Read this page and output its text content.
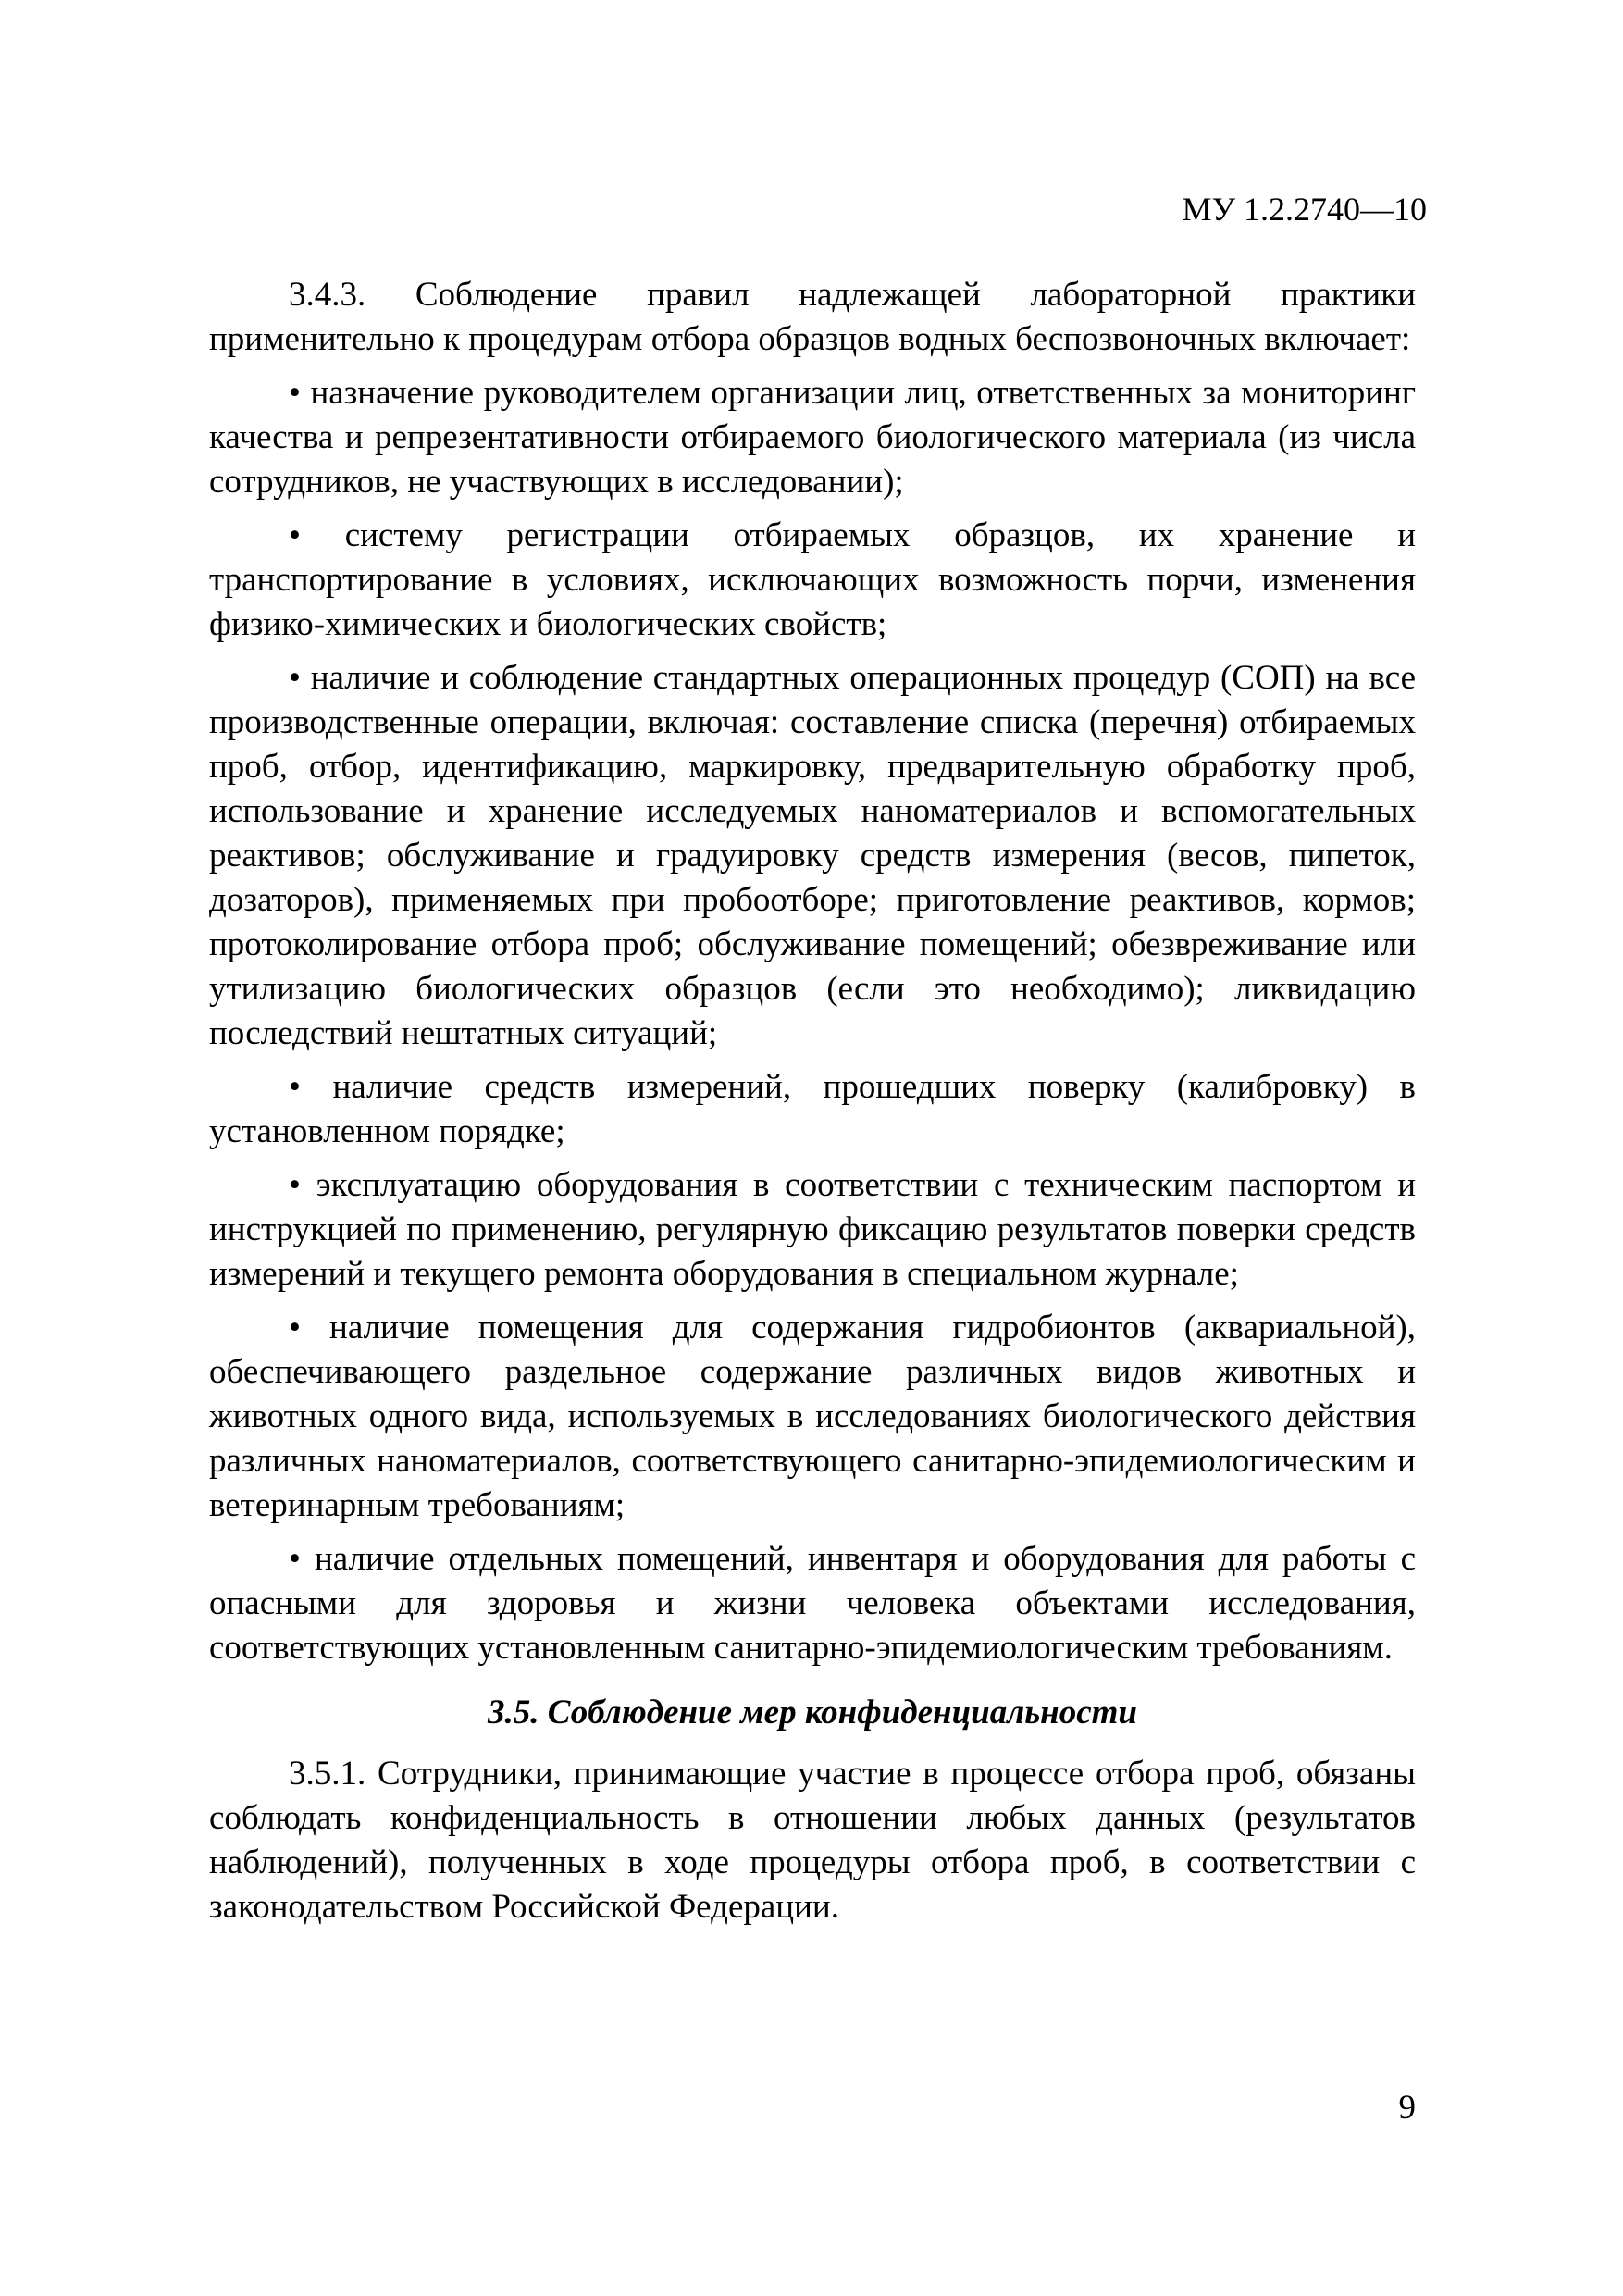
МУ 1.2.2740—10

3.4.3. Соблюдение правил надлежащей лабораторной практики применительно к процедурам отбора образцов водных беспозвоночных включает:

• назначение руководителем организации лиц, ответственных за мониторинг качества и репрезентативности отбираемого биологического материала (из числа сотрудников, не участвующих в исследовании);

• систему регистрации отбираемых образцов, их хранение и транспортирование в условиях, исключающих возможность порчи, изменения физико-химических и биологических свойств;

• наличие и соблюдение стандартных операционных процедур (СОП) на все производственные операции, включая: составление списка (перечня) отбираемых проб, отбор, идентификацию, маркировку, предварительную обработку проб, использование и хранение исследуемых наноматериалов и вспомогательных реактивов; обслуживание и градуировку средств измерения (весов, пипеток, дозаторов), применяемых при пробоотборе; приготовление реактивов, кормов; протоколирование отбора проб; обслуживание помещений; обезвреживание или утилизацию биологических образцов (если это необходимо); ликвидацию последствий нештатных ситуаций;

• наличие средств измерений, прошедших поверку (калибровку) в установленном порядке;

• эксплуатацию оборудования в соответствии с техническим паспортом и инструкцией по применению, регулярную фиксацию результатов поверки средств измерений и текущего ремонта оборудования в специальном журнале;

• наличие помещения для содержания гидробионтов (аквариальной), обеспечивающего раздельное содержание различных видов животных и животных одного вида, используемых в исследованиях биологического действия различных наноматериалов, соответствующего санитарно-эпидемиологическим и ветеринарным требованиям;

• наличие отдельных помещений, инвентаря и оборудования для работы с опасными для здоровья и жизни человека объектами исследования, соответствующих установленным санитарно-эпидемиологическим требованиям.

3.5. Соблюдение мер конфиденциальности

3.5.1. Сотрудники, принимающие участие в процессе отбора проб, обязаны соблюдать конфиденциальность в отношении любых данных (результатов наблюдений), полученных в ходе процедуры отбора проб, в соответствии с законодательством Российской Федерации.

9
